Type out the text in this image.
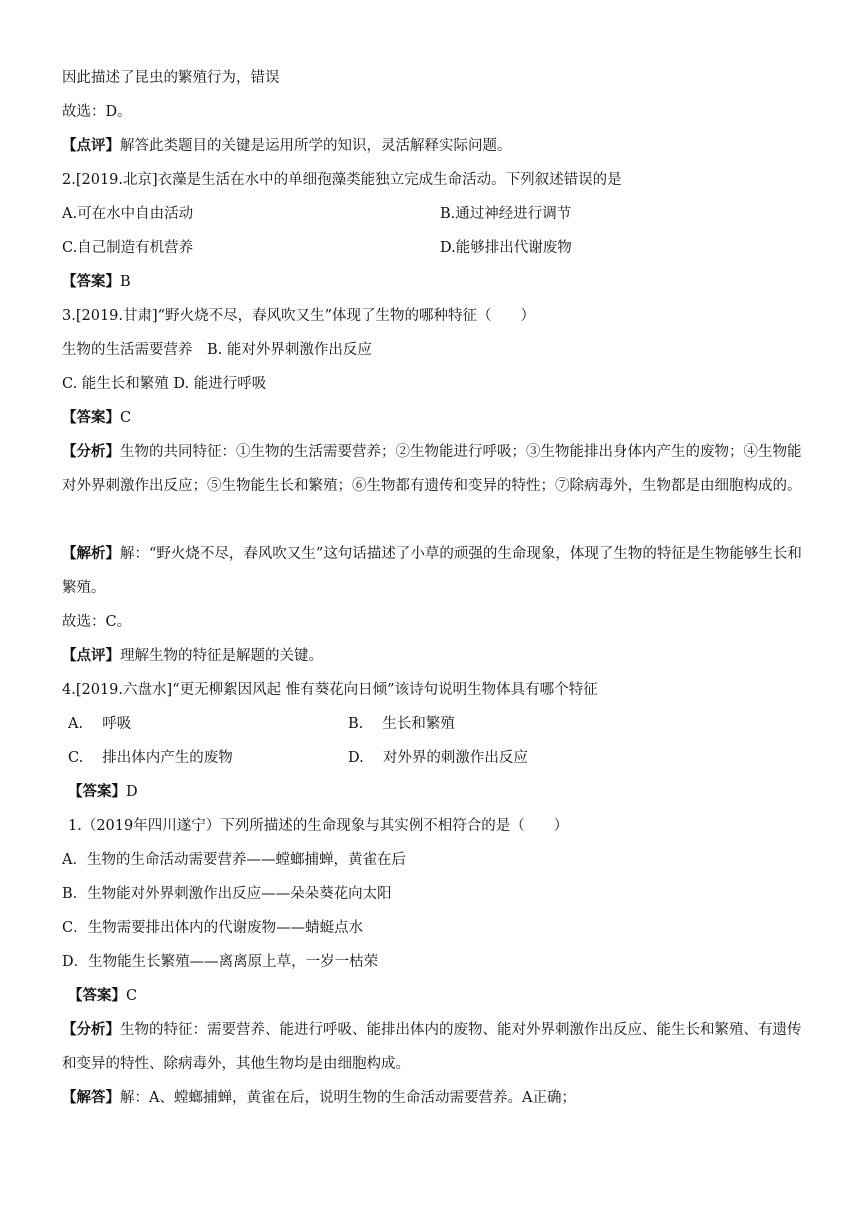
因此描述了昆虫的繁殖行为，错误
故选：D。
【点评】解答此类题目的关键是运用所学的知识，灵活解释实际问题。
2.[2019.北京]衣藻是生活在水中的单细孢藻类能独立完成生命活动。下列叙述错误的是
A.可在水中自由活动	B.通过神经进行调节
C.自己制造有机营养	D.能够排出代谢废物
【答案】B
3.[2019.甘肃]“野火烧不尽，春风吹又生”体现了生物的哪种特征（　　）
生物的生活需要营养　B. 能对外界刺激作出反应
C. 能生长和繁殖 D. 能进行呼吸
【答案】C
【分析】生物的共同特征：①生物的生活需要营养；②生物能进行呼吸；③生物能排出身体内产生的废物；④生物能对外界刺激作出反应；⑤生物能生长和繁殖；⑥生物都有遗传和变异的特性；⑦除病毒外，生物都是由细胞构成的。
【解析】解：“野火烧不尽，春风吹又生”这句话描述了小草的顽强的生命现象，体现了生物的特征是生物能够生长和繁殖。
故选：C。
【点评】理解生物的特征是解题的关键。
4.[2019.六盘水]“更无柳絮因风起 惟有葵花向日倾”该诗句说明生物体具有哪个特征
A.　 呼吸	B.　 生长和繁殖
C.　 排出体内产生的废物	D.　 对外界的刺激作出反应
【答案】D
1.（2019年四川遂宁）下列所描述的生命现象与其实例不相符合的是（　　）
A．生物的生命活动需要营养——螳螂捕蝉，黄雀在后
B．生物能对外界刺激作出反应——朵朵葵花向太阳
C．生物需要排出体内的代谢废物——蜻蜓点水
D．生物能生长繁殖——离离原上草，一岁一枯荣
【答案】C
【分析】生物的特征：需要营养、能进行呼吸、能排出体内的废物、能对外界刺激作出反应、能生长和繁殖、有遗传和变异的特性、除病毒外，其他生物均是由细胞构成。
【解答】解：A、螳螂捕蝉，黄雀在后，说明生物的生命活动需要营养。A正确；
